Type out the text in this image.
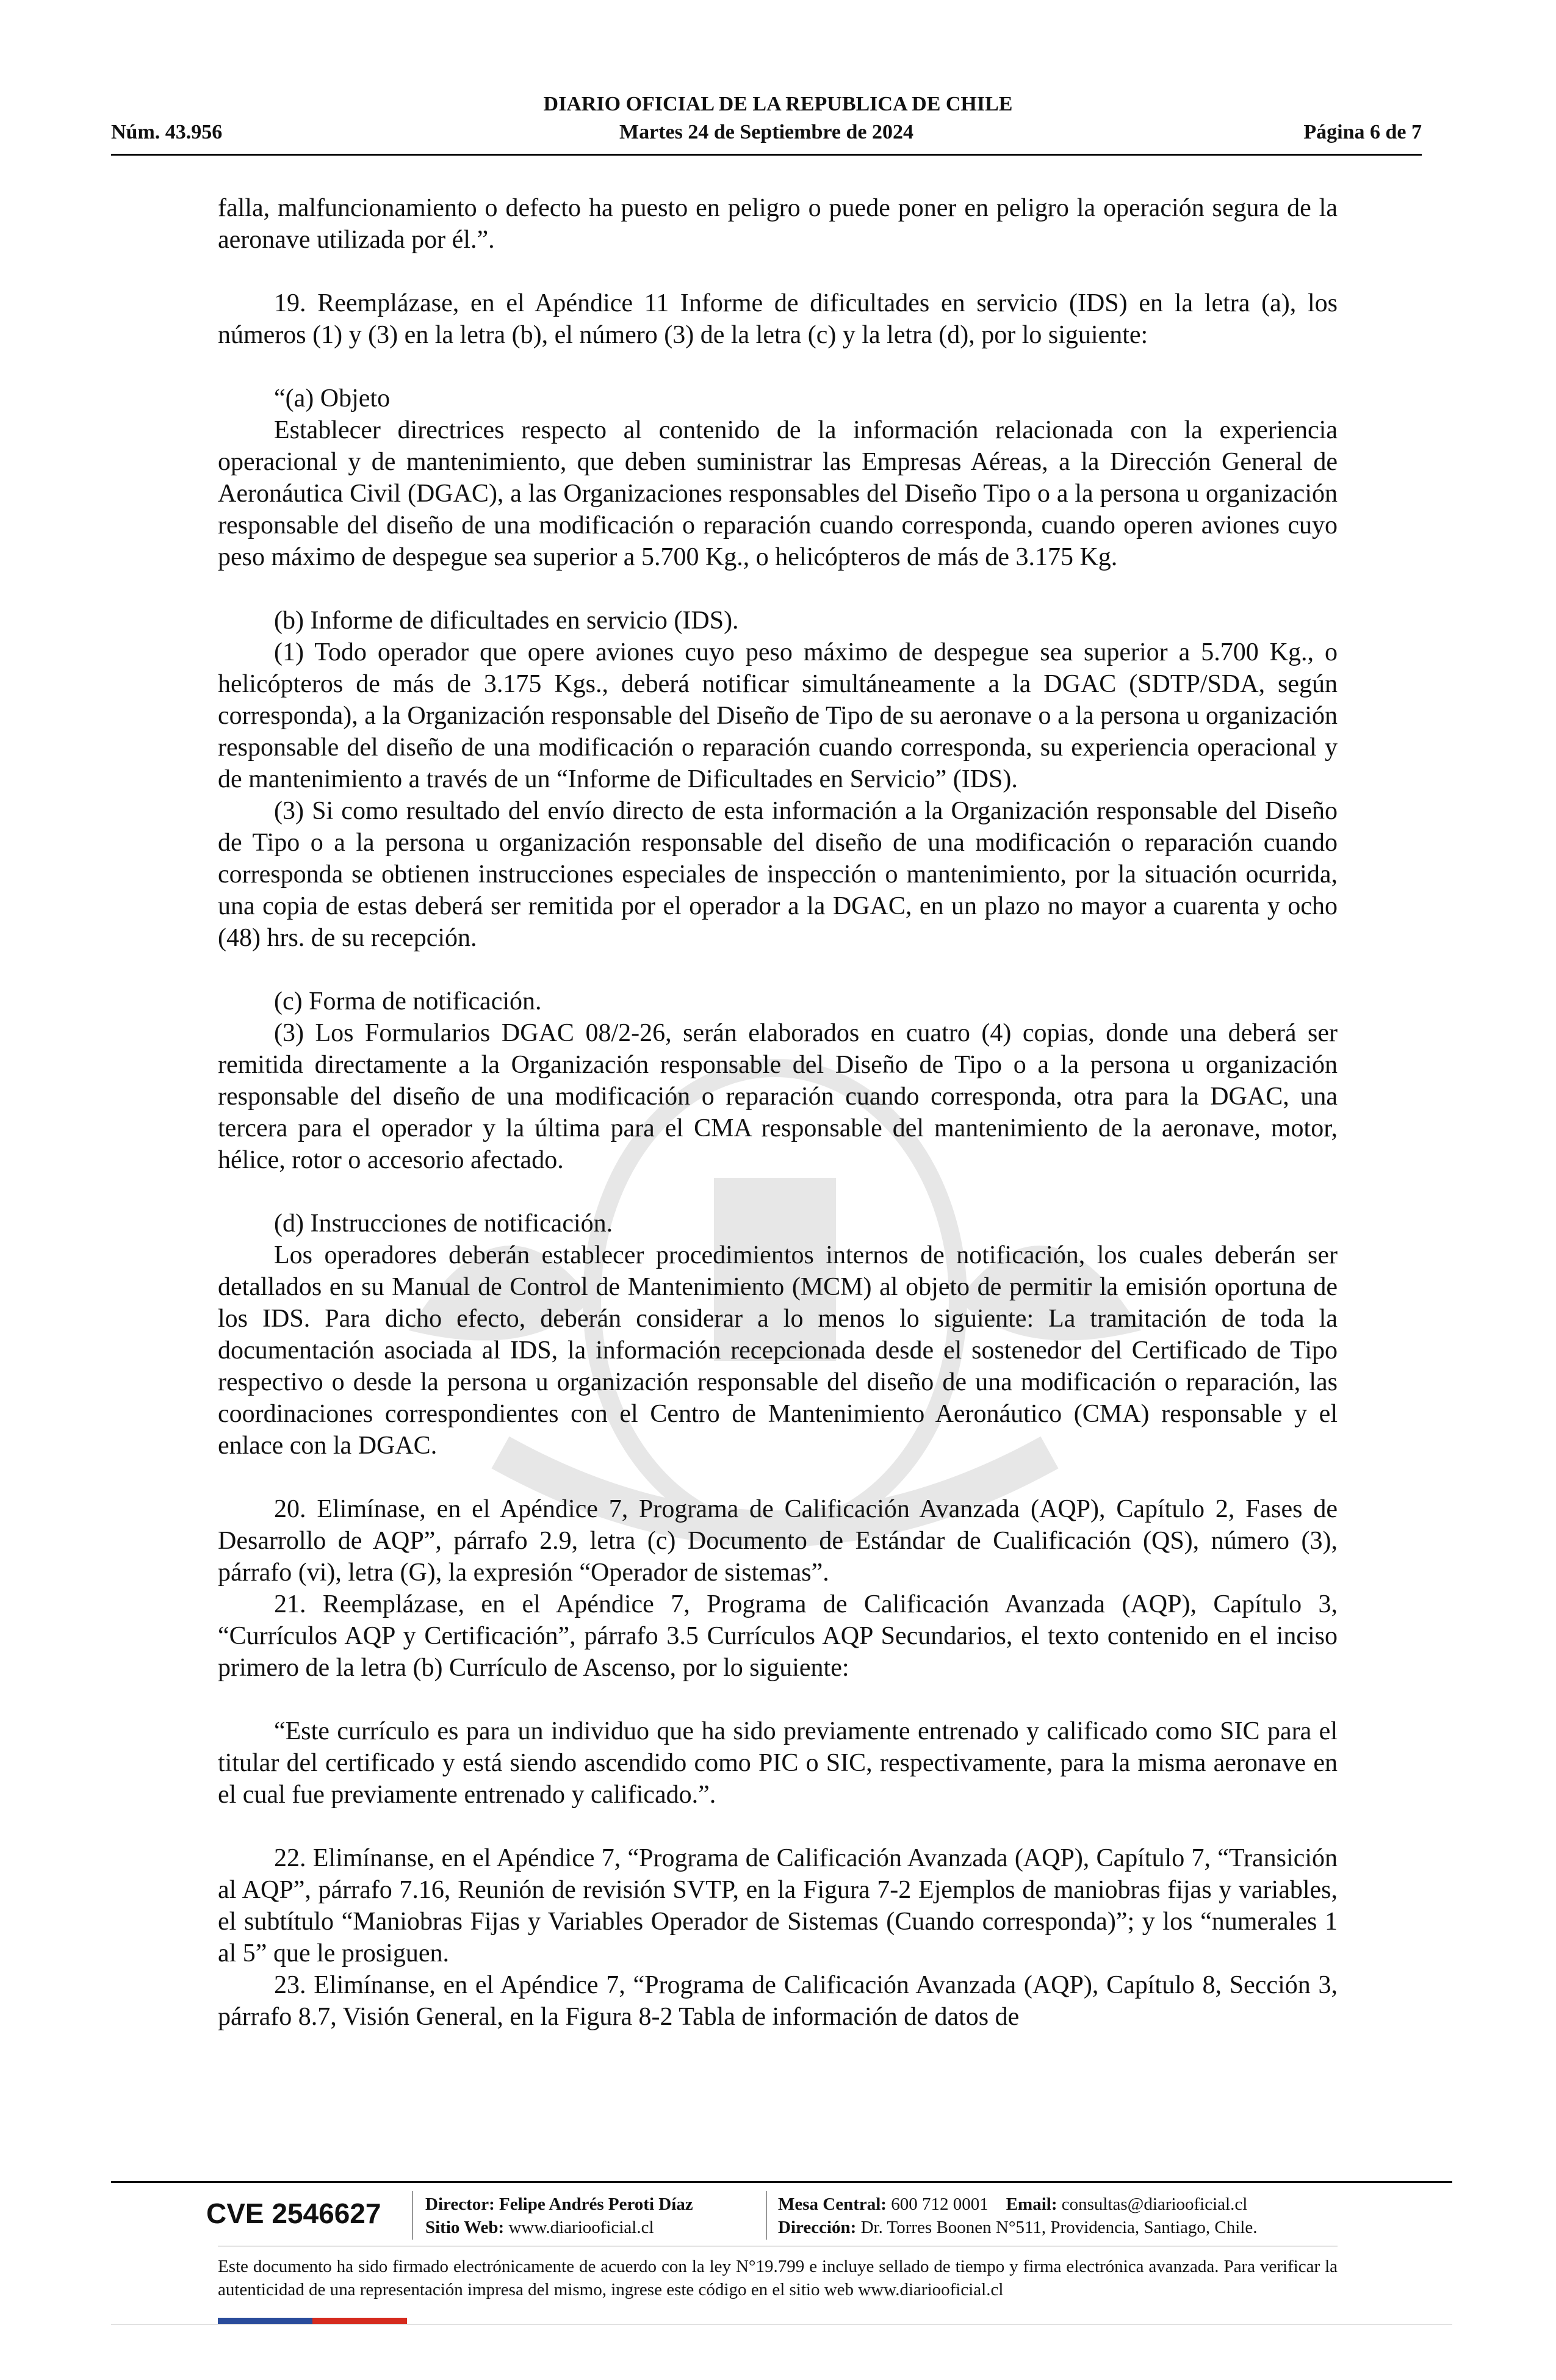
DIARIO OFICIAL DE LA REPUBLICA DE CHILE
Núm. 43.956	Martes 24 de Septiembre de 2024	Página 6 de 7

falla, malfuncionamiento o defecto ha puesto en peligro o puede poner en peligro la operación segura de la aeronave utilizada por él.”.

19. Reemplázase, en el Apéndice 11 Informe de dificultades en servicio (IDS) en la letra (a), los números (1) y (3) en la letra (b), el número (3) de la letra (c) y la letra (d), por lo siguiente:

“(a) Objeto

Establecer directrices respecto al contenido de la información relacionada con la experiencia operacional y de mantenimiento, que deben suministrar las Empresas Aéreas, a la Dirección General de Aeronáutica Civil (DGAC), a las Organizaciones responsables del Diseño Tipo o a la persona u organización responsable del diseño de una modificación o reparación cuando corresponda, cuando operen aviones cuyo peso máximo de despegue sea superior a 5.700 Kg., o helicópteros de más de 3.175 Kg.

(b) Informe de dificultades en servicio (IDS).

(1) Todo operador que opere aviones cuyo peso máximo de despegue sea superior a 5.700 Kg., o helicópteros de más de 3.175 Kgs., deberá notificar simultáneamente a la DGAC (SDTP/SDA, según corresponda), a la Organización responsable del Diseño de Tipo de su aeronave o a la persona u organización responsable del diseño de una modificación o reparación cuando corresponda, su experiencia operacional y de mantenimiento a través de un “Informe de Dificultades en Servicio” (IDS).

(3) Si como resultado del envío directo de esta información a la Organización responsable del Diseño de Tipo o a la persona u organización responsable del diseño de una modificación o reparación cuando corresponda se obtienen instrucciones especiales de inspección o mantenimiento, por la situación ocurrida, una copia de estas deberá ser remitida por el operador a la DGAC, en un plazo no mayor a cuarenta y ocho (48) hrs. de su recepción.

(c) Forma de notificación.

(3) Los Formularios DGAC 08/2-26, serán elaborados en cuatro (4) copias, donde una deberá ser remitida directamente a la Organización responsable del Diseño de Tipo o a la persona u organización responsable del diseño de una modificación o reparación cuando corresponda, otra para la DGAC, una tercera para el operador y la última para el CMA responsable del mantenimiento de la aeronave, motor, hélice, rotor o accesorio afectado.

(d) Instrucciones de notificación.

Los operadores deberán establecer procedimientos internos de notificación, los cuales deberán ser detallados en su Manual de Control de Mantenimiento (MCM) al objeto de permitir la emisión oportuna de los IDS. Para dicho efecto, deberán considerar a lo menos lo siguiente: La tramitación de toda la documentación asociada al IDS, la información recepcionada desde el sostenedor del Certificado de Tipo respectivo o desde la persona u organización responsable del diseño de una modificación o reparación, las coordinaciones correspondientes con el Centro de Mantenimiento Aeronáutico (CMA) responsable y el enlace con la DGAC.

20. Elimínase, en el Apéndice 7, Programa de Calificación Avanzada (AQP), Capítulo 2, Fases de Desarrollo de AQP”, párrafo 2.9, letra (c) Documento de Estándar de Cualificación (QS), número (3), párrafo (vi), letra (G), la expresión “Operador de sistemas”.

21. Reemplázase, en el Apéndice 7, Programa de Calificación Avanzada (AQP), Capítulo 3, “Currículos AQP y Certificación”, párrafo 3.5 Currículos AQP Secundarios, el texto contenido en el inciso primero de la letra (b) Currículo de Ascenso, por lo siguiente:

“Este currículo es para un individuo que ha sido previamente entrenado y calificado como SIC para el titular del certificado y está siendo ascendido como PIC o SIC, respectivamente, para la misma aeronave en el cual fue previamente entrenado y calificado.”.

22. Elimínanse, en el Apéndice 7, “Programa de Calificación Avanzada (AQP), Capítulo 7, “Transición al AQP”, párrafo 7.16, Reunión de revisión SVTP, en la Figura 7-2 Ejemplos de maniobras fijas y variables, el subtítulo “Maniobras Fijas y Variables Operador de Sistemas (Cuando corresponda)”; y los “numerales 1 al 5” que le prosiguen.

23. Elimínanse, en el Apéndice 7, “Programa de Calificación Avanzada (AQP), Capítulo 8, Sección 3, párrafo 8.7, Visión General, en la Figura 8-2 Tabla de información de datos de

CVE 2546627	Director: Felipe Andrés Peroti Díaz
Sitio Web: www.diariooficial.cl
Mesa Central: 600 712 0001 Email: consultas@diariooficial.cl
Dirección: Dr. Torres Boonen N°511, Providencia, Santiago, Chile.
Este documento ha sido firmado electrónicamente de acuerdo con la ley N°19.799 e incluye sellado de tiempo y firma electrónica avanzada. Para verificar la autenticidad de una representación impresa del mismo, ingrese este código en el sitio web www.diariooficial.cl
